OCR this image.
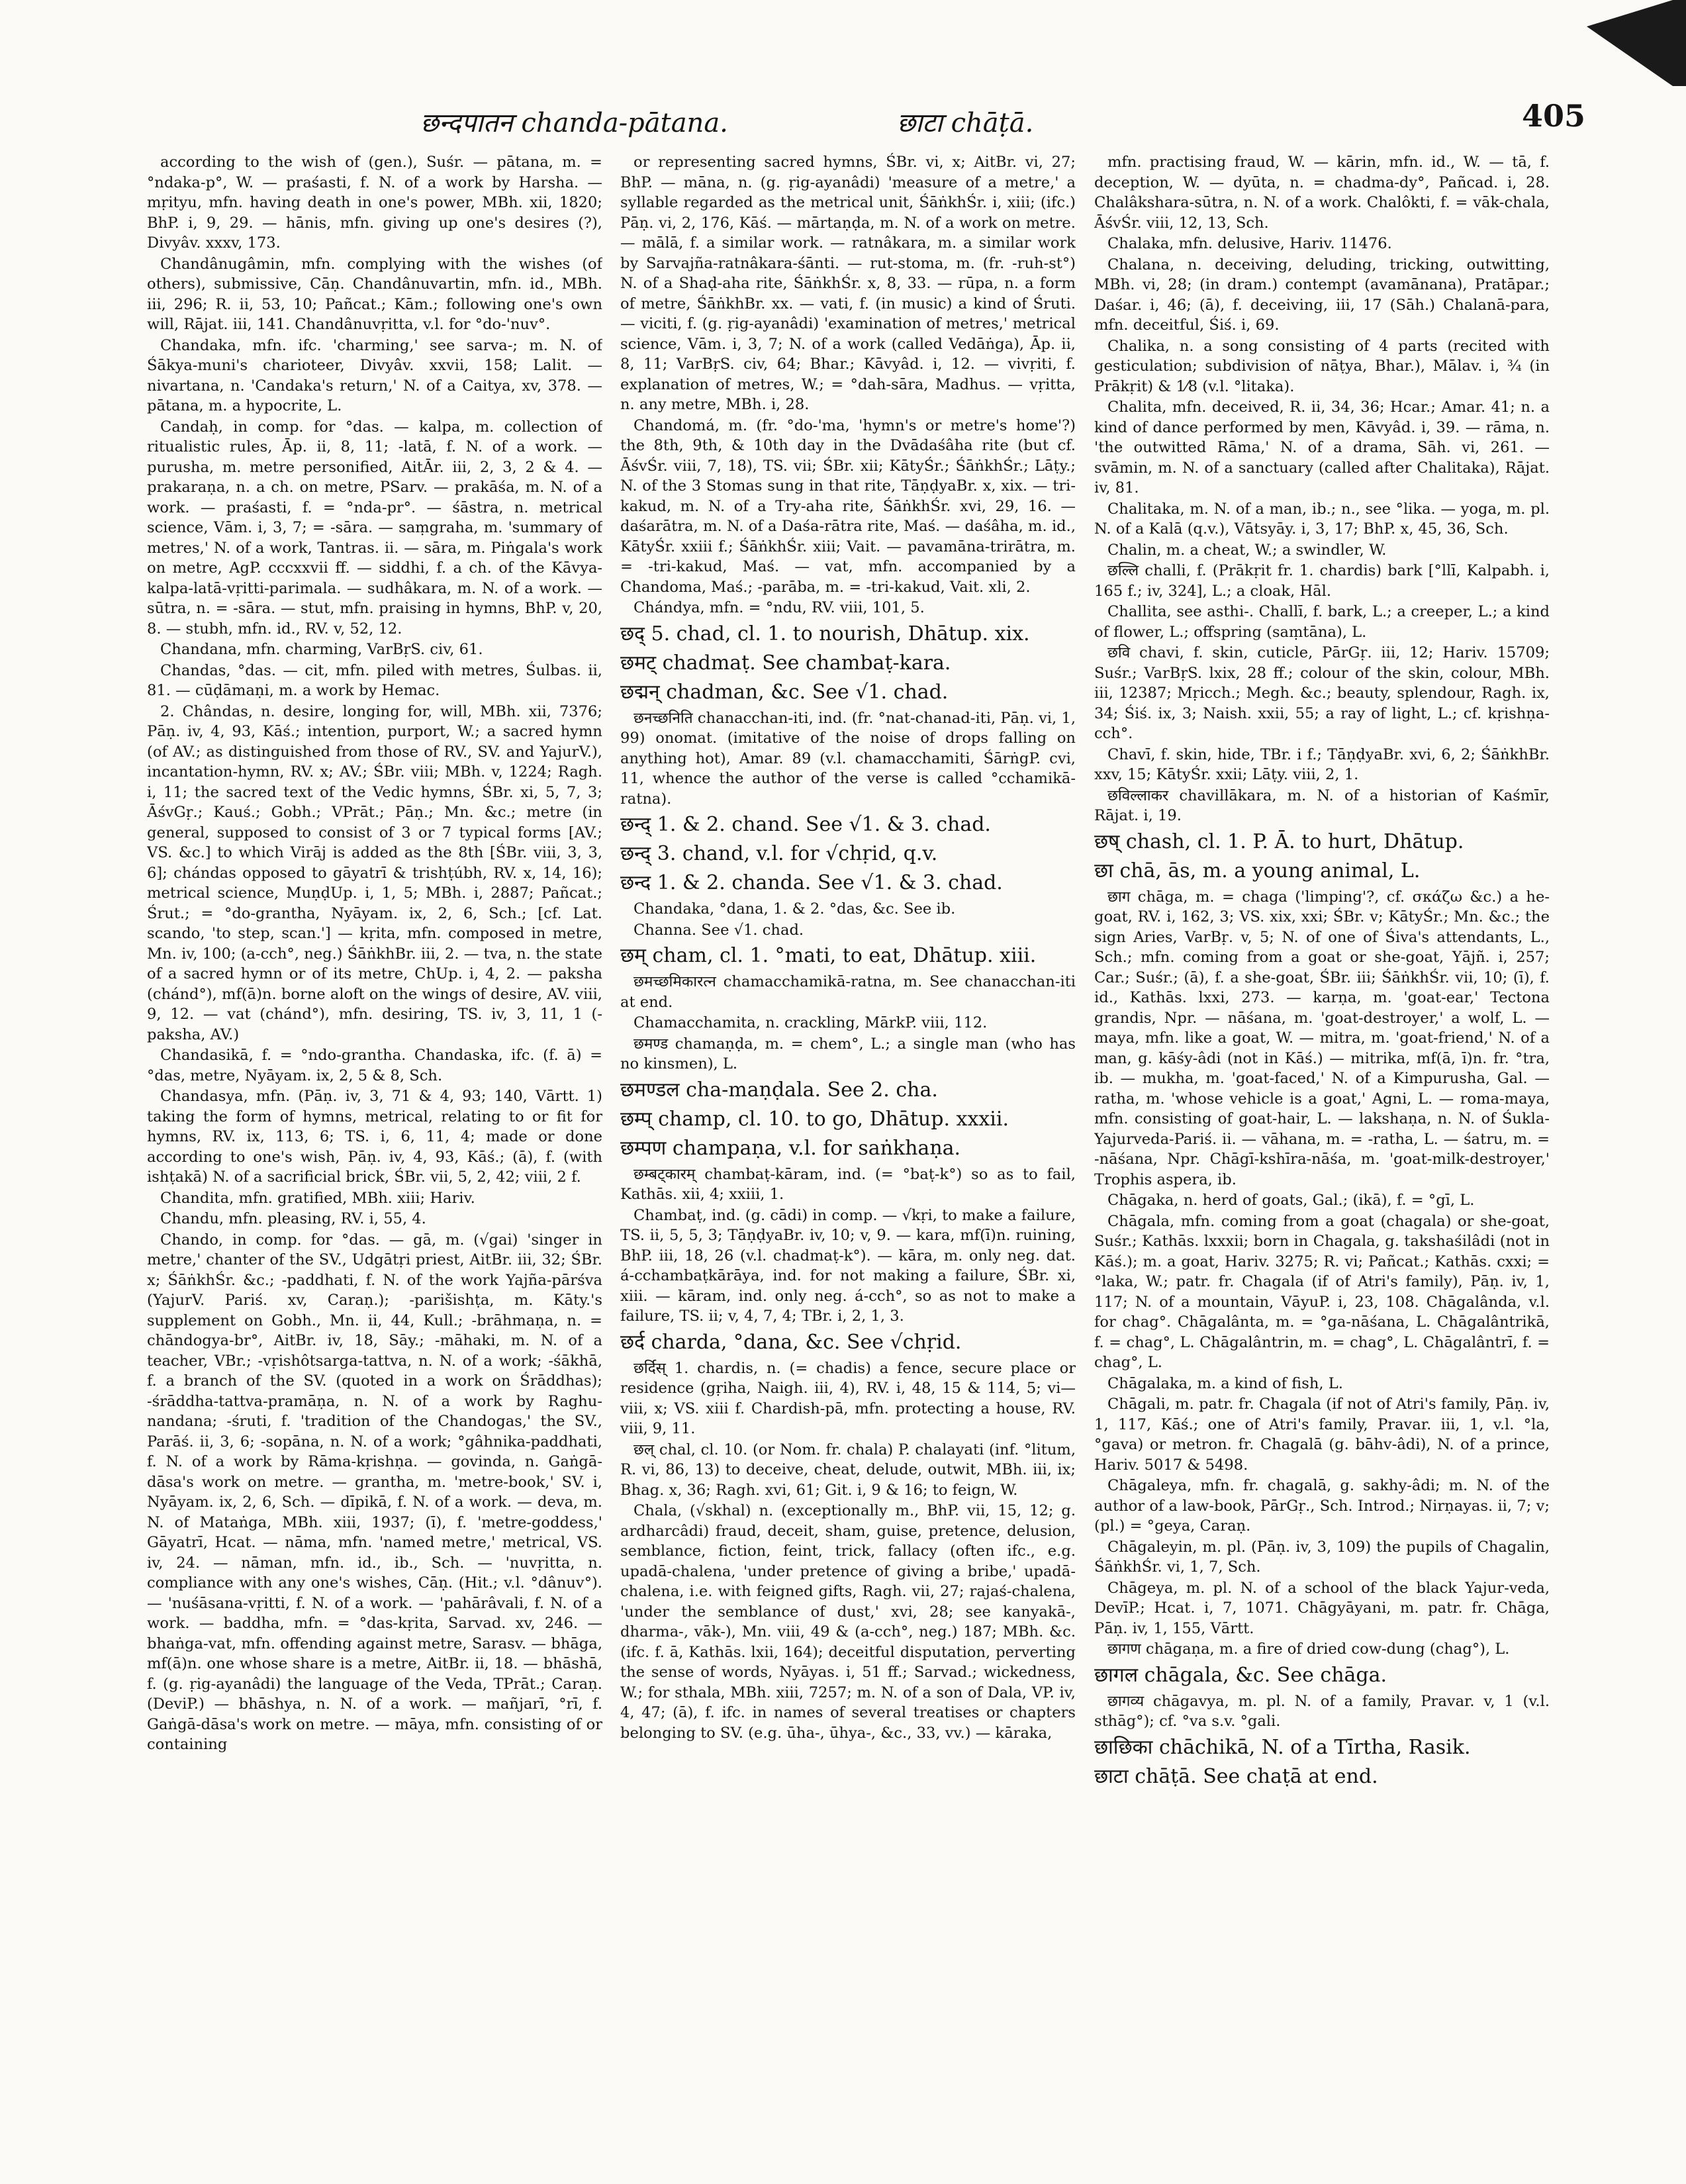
छन्दपातन chanda-pātana.	छाटा chāṭā.	405

according to the wish of (gen.), Suśr. — pātana, m. = °ndaka-p°, W. — praśasti, f. N. of a work by Harsha. — mṛityu, mfn. having death in one's power, MBh. xii, 1820; BhP. i, 9, 29. — hānis, mfn. giving up one's desires (?), Divyâv. xxxv, 173.

Chandânugâmin, mfn. complying with the wishes (of others), submissive, Cāṇ. Chandânuvartin, mfn. id., MBh. iii, 296; R. ii, 53, 10; Pañcat.; Kām.; following one's own will, Rājat. iii, 141. Chandânuvṛitta, v.l. for °do-'nuv°.

Chandaka, mfn. ifc. 'charming,' see sarva-; m. N. of Śākya-muni's charioteer, Divyâv. xxvii, 158; Lalit. — nivartana, n. 'Candaka's return,' N. of a Caitya, xv, 378. — pātana, m. a hypocrite, L.

Candaḥ, in comp. for °das. — kalpa, m. collection of ritualistic rules, Āp. ii, 8, 11; -latā, f. N. of a work. — purusha, m. metre personified, AitĀr. iii, 2, 3, 2 & 4. — prakaraṇa, n. a ch. on metre, PSarv. — prakāśa, m. N. of a work. — praśasti, f. = °nda-pr°. — śāstra, n. metrical science, Vām. i, 3, 7; = -sāra. — saṃgraha, m. 'summary of metres,' N. of a work, Tantras. ii. — sāra, m. Piṅgala's work on metre, AgP. cccxxvii ff. — siddhi, f. a ch. of the Kāvya-kalpa-latā-vṛitti-parimala. — sudhâkara, m. N. of a work. — sūtra, n. = -sāra. — stut, mfn. praising in hymns, BhP. v, 20, 8. — stubh, mfn. id., RV. v, 52, 12.

Chandana, mfn. charming, VarBṛS. civ, 61.

Chandas, °das. — cit, mfn. piled with metres, Śulbas. ii, 81. — cūḍāmaṇi, m. a work by Hemac.

2. Chândas, n. desire, longing for, will, MBh. xii, 7376; Pāṇ. iv, 4, 93, Kāś.; intention, purport, W.; a sacred hymn (of AV.; as distinguished from those of RV., SV. and YajurV.), incantation-hymn, RV. x; AV.; ŚBr. viii; MBh. v, 1224; Ragh. i, 11; the sacred text of the Vedic hymns, ŚBr. xi, 5, 7, 3; ĀśvGṛ.; Kauś.; Gobh.; VPrāt.; Pāṇ.; Mn. &c.; metre (in general, supposed to consist of 3 or 7 typical forms [AV.; VS. &c.] to which Virāj is added as the 8th [ŚBr. viii, 3, 3, 6]; chándas opposed to gāyatrī & trishṭúbh, RV. x, 14, 16); metrical science, MuṇḍUp. i, 1, 5; MBh. i, 2887; Pañcat.; Śrut.; = °do-grantha, Nyāyam. ix, 2, 6, Sch.; [cf. Lat. scando, 'to step, scan.'] — kṛita, mfn. composed in metre, Mn. iv, 100; (a-cch°, neg.) ŚāṅkhBr. iii, 2. — tva, n. the state of a sacred hymn or of its metre, ChUp. i, 4, 2. — paksha (chánd°), mf(ā)n. borne aloft on the wings of desire, AV. viii, 9, 12. — vat (chánd°), mfn. desiring, TS. iv, 3, 11, 1 (-paksha, AV.)

Chandasikā, f. = °ndo-grantha. Chandaska, ifc. (f. ā) = °das, metre, Nyāyam. ix, 2, 5 & 8, Sch.

Chandasya, mfn. (Pāṇ. iv, 3, 71 & 4, 93; 140, Vārtt. 1) taking the form of hymns, metrical, relating to or fit for hymns, RV. ix, 113, 6; TS. i, 6, 11, 4; made or done according to one's wish, Pāṇ. iv, 4, 93, Kāś.; (ā), f. (with ishṭakā) N. of a sacrificial brick, ŚBr. vii, 5, 2, 42; viii, 2 f.

Chandita, mfn. gratified, MBh. xiii; Hariv.

Chandu, mfn. pleasing, RV. i, 55, 4.

Chando, in comp. for °das. — gā, m. (√gai) 'singer in metre,' chanter of the SV., Udgātṛi priest, AitBr. iii, 32; ŚBr. x; ŚāṅkhŚr. &c.; -paddhati, f. N. of the work Yajña-pārśva (YajurV. Pariś. xv, Caraṇ.); -parišishṭa, m. Kāty.'s supplement on Gobh., Mn. ii, 44, Kull.; -brāhmaṇa, n. = chāndogya-br°, AitBr. iv, 18, Sāy.; -māhaki, m. N. of a teacher, VBr.; -vṛishôtsarga-tattva, n. N. of a work; -śākhā, f. a branch of the SV. (quoted in a work on Śrāddhas); -śrāddha-tattva-pramāṇa, n. N. of a work by Raghu-nandana; -śruti, f. 'tradition of the Chandogas,' the SV., Parāś. ii, 3, 6; -sopāna, n. N. of a work; °gâhnika-paddhati, f. N. of a work by Rāma-kṛishṇa. — govinda, n. Gaṅgā-dāsa's work on metre. — grantha, m. 'metre-book,' SV. i, Nyāyam. ix, 2, 6, Sch. — dīpikā, f. N. of a work. — deva, m. N. of Mataṅga, MBh. xiii, 1937; (ī), f. 'metre-goddess,' Gāyatrī, Hcat. — nāma, mfn. 'named metre,' metrical, VS. iv, 24. — nāman, mfn. id., ib., Sch. — 'nuvṛitta, n. compliance with any one's wishes, Cāṇ. (Hit.; v.l. °dânuv°). — 'nuśāsana-vṛitti, f. N. of a work. — 'pahārâvali, f. N. of a work. — baddha, mfn. = °das-kṛita, Sarvad. xv, 246. — bhaṅga-vat, mfn. offending against metre, Sarasv. — bhāga, mf(ā)n. one whose share is a metre, AitBr. ii, 18. — bhāshā, f. (g. ṛig-ayanâdi) the language of the Veda, TPrāt.; Caraṇ. (DeviP.) — bhāshya, n. N. of a work. — mañjarī, °rī, f. Gaṅgā-dāsa's work on metre. — māya, mfn. consisting of or containing

or representing sacred hymns, ŚBr. vi, x; AitBr. vi, 27; BhP. — māna, n. (g. ṛig-ayanâdi) 'measure of a metre,' a syllable regarded as the metrical unit, ŚāṅkhŚr. i, xiii; (ifc.) Pāṇ. vi, 2, 176, Kāś. — mārtaṇḍa, m. N. of a work on metre. — mālā, f. a similar work. — ratnâkara, m. a similar work by Sarvajña-ratnâkara-śānti. — rut-stoma, m. (fr. -ruh-st°) N. of a Shaḍ-aha rite, ŚāṅkhŚr. x, 8, 33. — rūpa, n. a form of metre, ŚāṅkhBr. xx. — vati, f. (in music) a kind of Śruti. — viciti, f. (g. ṛig-ayanâdi) 'examination of metres,' metrical science, Vām. i, 3, 7; N. of a work (called Vedāṅga), Āp. ii, 8, 11; VarBṛS. civ, 64; Bhar.; Kāvyâd. i, 12. — vivṛiti, f. explanation of metres, W.; = °dah-sāra, Madhus. — vṛitta, n. any metre, MBh. i, 28.

Chandomá, m. (fr. °do-'ma, 'hymn's or metre's home'?) the 8th, 9th, & 10th day in the Dvādaśâha rite (but cf. ĀśvŚr. viii, 7, 18), TS. vii; ŚBr. xii; KātyŚr.; ŚāṅkhŚr.; Lāṭy.; N. of the 3 Stomas sung in that rite, TāṇḍyaBr. x, xix. — tri-kakud, m. N. of a Try-aha rite, ŚāṅkhŚr. xvi, 29, 16. — daśarātra, m. N. of a Daśa-rātra rite, Maś. — daśâha, m. id., KātyŚr. xxiii f.; ŚāṅkhŚr. xiii; Vait. — pavamāna-trirātra, m. = -tri-kakud, Maś. — vat, mfn. accompanied by a Chandoma, Maś.; -parāba, m. = -tri-kakud, Vait. xli, 2.

Chándya, mfn. = °ndu, RV. viii, 101, 5.

छद् 5. chad, cl. 1. to nourish, Dhātup. xix.

छमट् chadmaṭ. See chambaṭ-kara.

छद्मन् chadman, &c. See √1. chad.

छनच्छनिति chanacchan-iti, ind. (fr. °nat-chanad-iti, Pāṇ. vi, 1, 99) onomat. (imitative of the noise of drops falling on anything hot), Amar. 89 (v.l. chamacchamiti, ŚārṅgP. cvi, 11, whence the author of the verse is called °cchamikā-ratna).

छन्द् 1. & 2. chand. See √1. & 3. chad.

छन्द् 3. chand, v.l. for √chṛid, q.v.

छन्द 1. & 2. chanda. See √1. & 3. chad.

Chandaka, °dana, 1. & 2. °das, &c. See ib.

Channa. See √1. chad.

छम् cham, cl. 1. °mati, to eat, Dhātup. xiii.

छमच्छमिकारत्न chamacchamikā-ratna, m. See chanacchan-iti at end.

Chamacchamita, n. crackling, MārkP. viii, 112.

छमण्ड chamaṇḍa, m. = chem°, L.; a single man (who has no kinsmen), L.

छमण्डल cha-maṇḍala. See 2. cha.

छम्प् champ, cl. 10. to go, Dhātup. xxxii.

छम्पण champaṇa, v.l. for saṅkhaṇa.

छम्बट्कारम् chambaṭ-kāram, ind. (= °baṭ-k°) so as to fail, Kathās. xii, 4; xxiii, 1.

Chambaṭ, ind. (g. cādi) in comp. — √kṛi, to make a failure, TS. ii, 5, 5, 3; TāṇḍyaBr. iv, 10; v, 9. — kara, mf(ī)n. ruining, BhP. iii, 18, 26 (v.l. chadmaṭ-k°). — kāra, m. only neg. dat. á-cchambaṭkārāya, ind. for not making a failure, ŚBr. xi, xiii. — kāram, ind. only neg. á-cch°, so as not to make a failure, TS. ii; v, 4, 7, 4; TBr. i, 2, 1, 3.

छर्द charda, °dana, &c. See √chṛid.

छर्दिस् 1. chardis, n. (= chadis) a fence, secure place or residence (gṛiha, Naigh. iii, 4), RV. i, 48, 15 & 114, 5; vi—viii, x; VS. xiii f. Chardish-pā, mfn. protecting a house, RV. viii, 9, 11.

छल् chal, cl. 10. (or Nom. fr. chala) P. chalayati (inf. °litum, R. vi, 86, 13) to deceive, cheat, delude, outwit, MBh. iii, ix; Bhag. x, 36; Ragh. xvi, 61; Git. i, 9 & 16; to feign, W.

Chala, (√skhal) n. (exceptionally m., BhP. vii, 15, 12; g. ardharcâdi) fraud, deceit, sham, guise, pretence, delusion, semblance, fiction, feint, trick, fallacy (often ifc., e.g. upadā-chalena, 'under pretence of giving a bribe,' upadā-chalena, i.e. with feigned gifts, Ragh. vii, 27; rajaś-chalena, 'under the semblance of dust,' xvi, 28; see kanyakā-, dharma-, vāk-), Mn. viii, 49 & (a-cch°, neg.) 187; MBh. &c. (ifc. f. ā, Kathās. lxii, 164); deceitful disputation, perverting the sense of words, Nyāyas. i, 51 ff.; Sarvad.; wickedness, W.; for sthala, MBh. xiii, 7257; m. N. of a son of Dala, VP. iv, 4, 47; (ā), f. ifc. in names of several treatises or chapters belonging to SV. (e.g. ūha-, ūhya-, &c., 33, vv.) — kāraka,

mfn. practising fraud, W. — kārin, mfn. id., W. — tā, f. deception, W. — dyūta, n. = chadma-dy°, Pañcad. i, 28. Chalâkshara-sūtra, n. N. of a work. Chalôkti, f. = vāk-chala, ĀśvŚr. viii, 12, 13, Sch.

Chalaka, mfn. delusive, Hariv. 11476.

Chalana, n. deceiving, deluding, tricking, outwitting, MBh. vi, 28; (in dram.) contempt (avamānana), Pratāpar.; Daśar. i, 46; (ā), f. deceiving, iii, 17 (Sāh.) Chalanā-para, mfn. deceitful, Śiś. i, 69.

Chalika, n. a song consisting of 4 parts (recited with gesticulation; subdivision of nāṭya, Bhar.), Mālav. i, ¾ (in Prākṛit) & 1⁄8 (v.l. °litaka).

Chalita, mfn. deceived, R. ii, 34, 36; Hcar.; Amar. 41; n. a kind of dance performed by men, Kāvyâd. i, 39. — rāma, n. 'the outwitted Rāma,' N. of a drama, Sāh. vi, 261. — svāmin, m. N. of a sanctuary (called after Chalitaka), Rājat. iv, 81.

Chalitaka, m. N. of a man, ib.; n., see °lika. — yoga, m. pl. N. of a Kalā (q.v.), Vātsyāy. i, 3, 17; BhP. x, 45, 36, Sch.

Chalin, m. a cheat, W.; a swindler, W.

छल्लि challi, f. (Prākṛit fr. 1. chardis) bark [°llī, Kalpabh. i, 165 f.; iv, 324], L.; a cloak, Hāl.

Challita, see asthi-. Challī, f. bark, L.; a creeper, L.; a kind of flower, L.; offspring (saṃtāna), L.

छवि chavi, f. skin, cuticle, PārGṛ. iii, 12; Hariv. 15709; Suśr.; VarBṛS. lxix, 28 ff.; colour of the skin, colour, MBh. iii, 12387; Mṛicch.; Megh. &c.; beauty, splendour, Ragh. ix, 34; Śiś. ix, 3; Naish. xxii, 55; a ray of light, L.; cf. kṛishṇa-cch°.

Chavī, f. skin, hide, TBr. i f.; TāṇḍyaBr. xvi, 6, 2; ŚāṅkhBr. xxv, 15; KātyŚr. xxii; Lāṭy. viii, 2, 1.

छविल्लाकर chavillākara, m. N. of a historian of Kaśmīr, Rājat. i, 19.

छष् chash, cl. 1. P. Ā. to hurt, Dhātup.

छा chā, ās, m. a young animal, L.

छाग chāga, m. = chaga ('limping'?, cf. σκάζω &c.) a he-goat, RV. i, 162, 3; VS. xix, xxi; ŚBr. v; KātyŚr.; Mn. &c.; the sign Aries, VarBṛ. v, 5; N. of one of Śiva's attendants, L., Sch.; mfn. coming from a goat or she-goat, Yājñ. i, 257; Car.; Suśr.; (ā), f. a she-goat, ŚBr. iii; ŚāṅkhŚr. vii, 10; (ī), f. id., Kathās. lxxi, 273. — karṇa, m. 'goat-ear,' Tectona grandis, Npr. — nāśana, m. 'goat-destroyer,' a wolf, L. — maya, mfn. like a goat, W. — mitra, m. 'goat-friend,' N. of a man, g. kāśy-âdi (not in Kāś.) — mitrika, mf(ā, ī)n. fr. °tra, ib. — mukha, m. 'goat-faced,' N. of a Kimpurusha, Gal. — ratha, m. 'whose vehicle is a goat,' Agni, L. — roma-maya, mfn. consisting of goat-hair, L. — lakshaṇa, n. N. of Śukla-Yajurveda-Pariś. ii. — vāhana, m. = -ratha, L. — śatru, m. = -nāśana, Npr. Chāgī-kshīra-nāśa, m. 'goat-milk-destroyer,' Trophis aspera, ib.

Chāgaka, n. herd of goats, Gal.; (ikā), f. = °gī, L.

Chāgala, mfn. coming from a goat (chagala) or she-goat, Suśr.; Kathās. lxxxii; born in Chagala, g. takshaśilâdi (not in Kāś.); m. a goat, Hariv. 3275; R. vi; Pañcat.; Kathās. cxxi; = °laka, W.; patr. fr. Chagala (if of Atri's family), Pāṇ. iv, 1, 117; N. of a mountain, VāyuP. i, 23, 108. Chāgalânda, v.l. for chag°. Chāgalânta, m. = °ga-nāśana, L. Chāgalântrikā, f. = chag°, L. Chāgalântrin, m. = chag°, L. Chāgalântrī, f. = chag°, L.

Chāgalaka, m. a kind of fish, L.

Chāgali, m. patr. fr. Chagala (if not of Atri's family, Pāṇ. iv, 1, 117, Kāś.; one of Atri's family, Pravar. iii, 1, v.l. °la, °gava) or metron. fr. Chagalā (g. bāhv-âdi), N. of a prince, Hariv. 5017 & 5498.

Chāgaleya, mfn. fr. chagalā, g. sakhy-âdi; m. N. of the author of a law-book, PārGṛ., Sch. Introd.; Nirṇayas. ii, 7; v; (pl.) = °geya, Caraṇ.

Chāgaleyin, m. pl. (Pāṇ. iv, 3, 109) the pupils of Chagalin, ŚāṅkhŚr. vi, 1, 7, Sch.

Chāgeya, m. pl. N. of a school of the black Yajur-veda, DevīP.; Hcat. i, 7, 1071. Chāgyāyani, m. patr. fr. Chāga, Pāṇ. iv, 1, 155, Vārtt.

छागण chāgaṇa, m. a fire of dried cow-dung (chag°), L.

छागल chāgala, &c. See chāga.

छागव्य chāgavya, m. pl. N. of a family, Pravar. v, 1 (v.l. sthāg°); cf. °va s.v. °gali.

छाछिका chāchikā, N. of a Tīrtha, Rasik.

छाटा chāṭā. See chaṭā at end.
